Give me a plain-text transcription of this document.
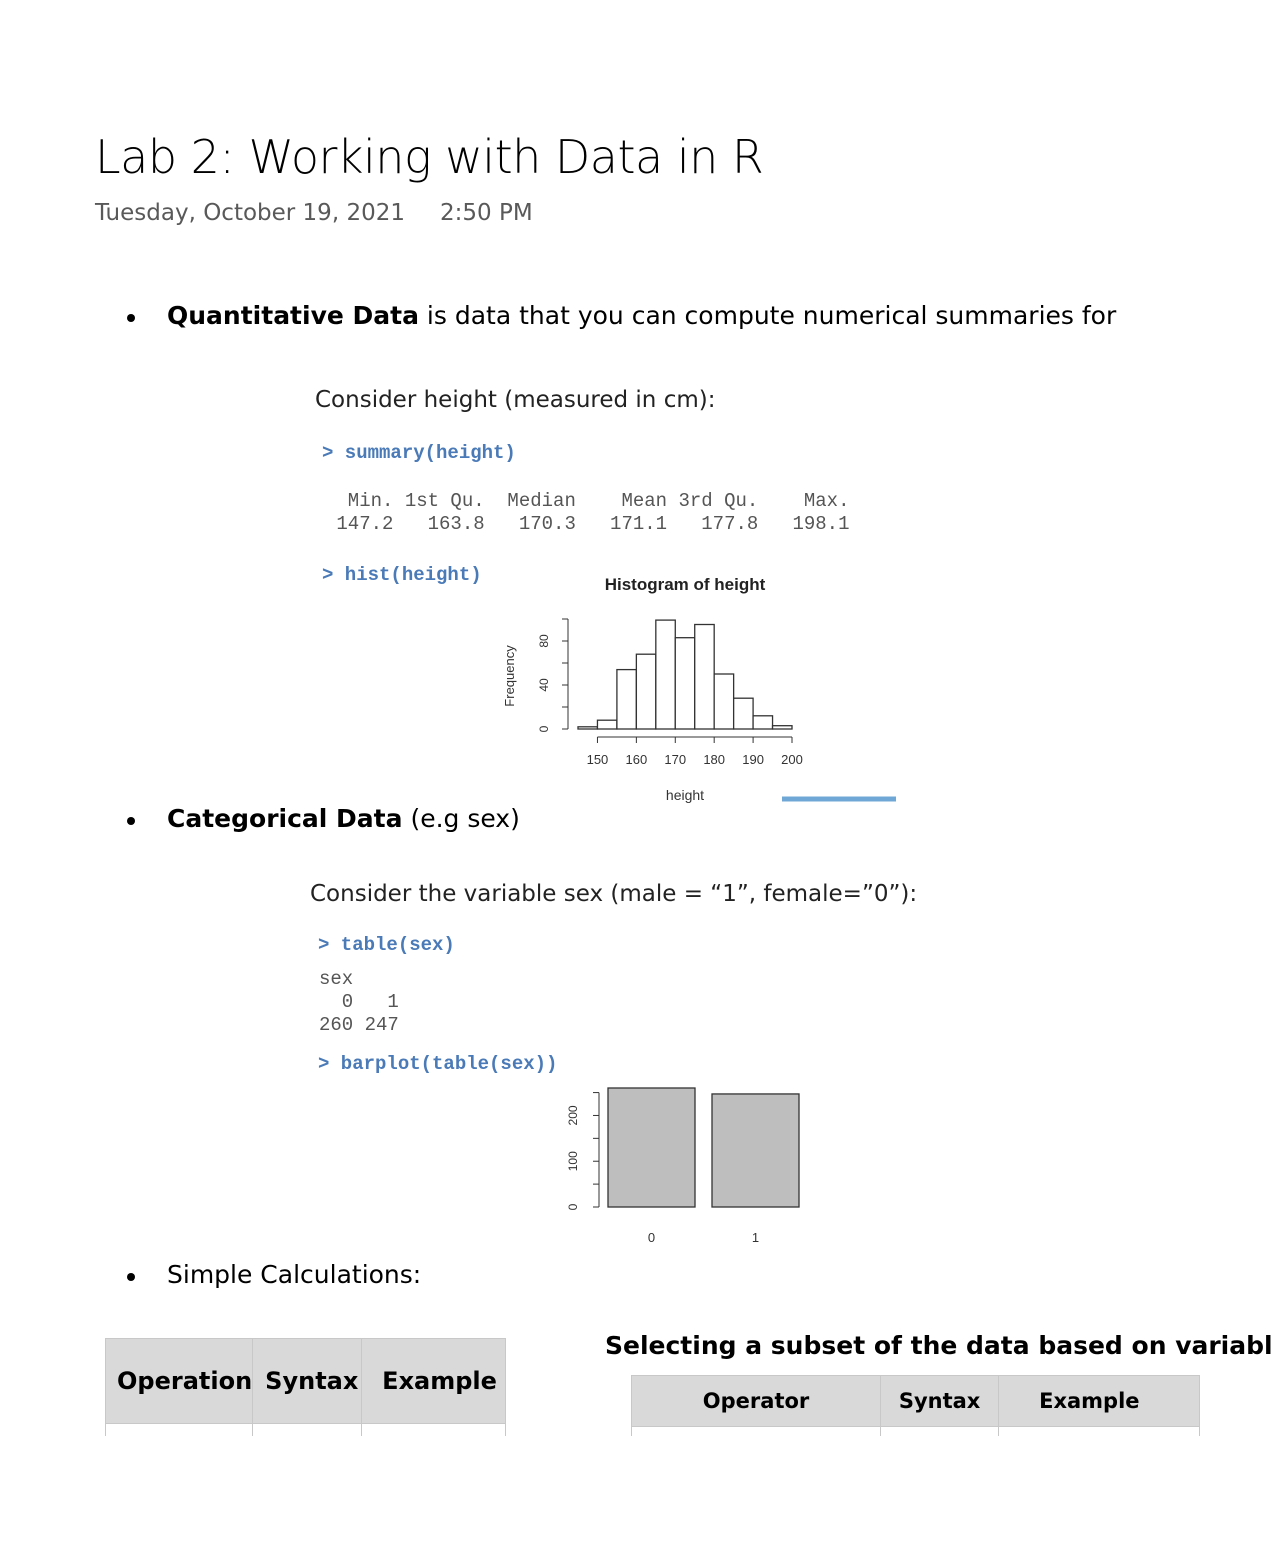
Lab 2: Working with Data in R
Tuesday, October 19, 2021 2:50 PM
Quantitative Data is data that you can compute numerical summaries for
Consider height (measured in cm):
> summary(height)
Min. 1st Qu.  Median    Mean 3rd Qu.    Max.
147.2   163.8   170.3   171.1   177.8   198.1
> hist(height)	Histogram of height
height
Frequency
150 160 170 180 190 200
0
40
80
Categorical Data (e.g sex)
Consider the variable sex (male = “1”, female=”0”):
> table(sex)
sex
0   1
260 247
> barplot(table(sex))
0	1
0
100
200
Simple Calculations:
Operation	Syntax	Example

Selecting a subset of the data based on variabl
Operator	Syntax	Example
